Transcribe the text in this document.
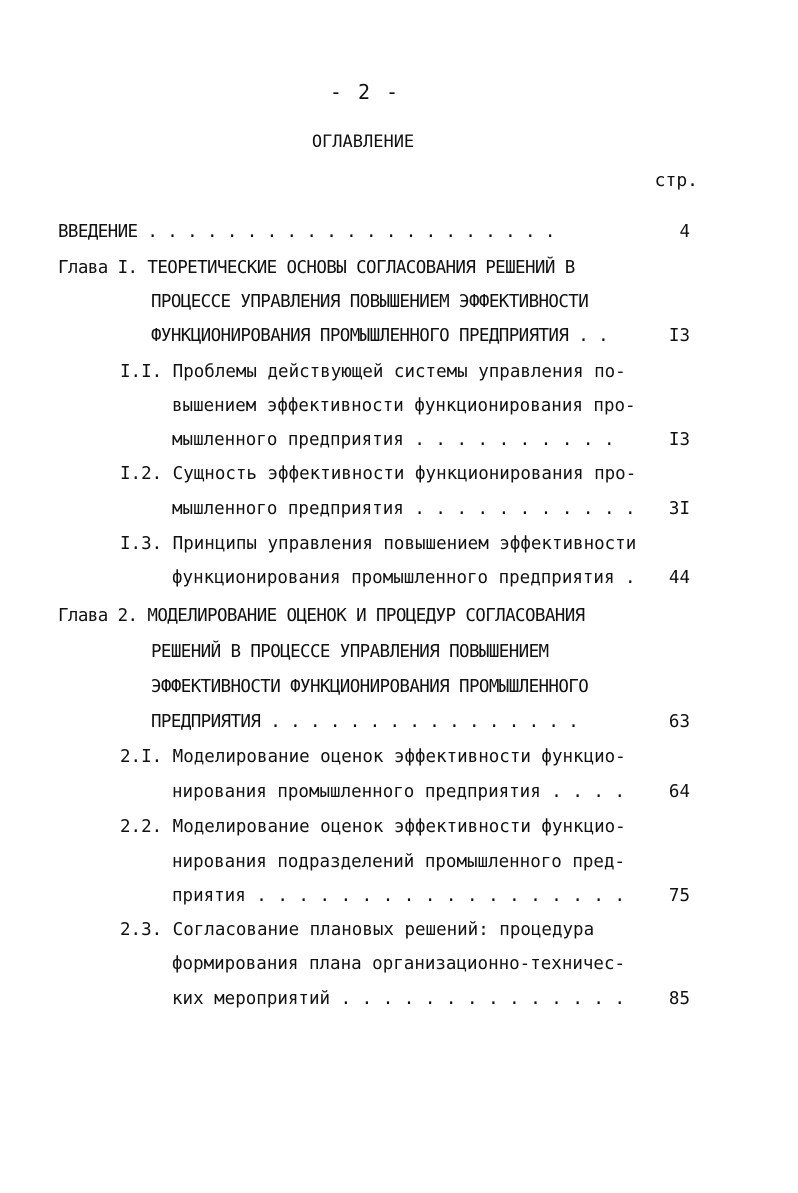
- 2 -
ОГЛАВЛЕНИЕ
стр.
ВВЕДЕНИЕ . . . . . . . . . . . . . . . . . . . . .	4
Глава I. ТЕОРЕТИЧЕСКИЕ ОСНОВЫ СОГЛАСОВАНИЯ РЕШЕНИЙ В
ПРОЦЕССЕ УПРАВЛЕНИЯ ПОВЫШЕНИЕМ ЭФФЕКТИВНОСТИ
ФУНКЦИОНИРОВАНИЯ ПРОМЫШЛЕННОГО ПРЕДПРИЯТИЯ . .	I3
I.I. Проблемы действующей системы управления по-
вышением эффективности функционирования про-
мышленного предприятия . . . . . . . . . .	I3
I.2. Сущность эффективности функционирования про-
мышленного предприятия . . . . . . . . . . . 3I
I.3. Принципы управления повышением эффективности
функционирования промышленного предприятия . 44
Глава 2. МОДЕЛИРОВАНИЕ ОЦЕНОК И ПРОЦЕДУР СОГЛАСОВАНИЯ
РЕШЕНИЙ В ПРОЦЕССЕ УПРАВЛЕНИЯ ПОВЫШЕНИЕМ
ЭФФЕКТИВНОСТИ ФУНКЦИОНИРОВАНИЯ ПРОМЫШЛЕННОГО
ПРЕДПРИЯТИЯ . . . . . . . . . . . . . . . .	63
2.I. Моделирование оценок эффективности функцио-
нирования промышленного предприятия . . . .	64
2.2. Моделирование оценок эффективности функцио-
нирования подразделений промышленного пред-
приятия . . . . . . . . . . . . . . . . . .	75
2.3. Согласование плановых решений: процедура
формирования плана организационно-техничес-
ких мероприятий . . . . . . . . . . . . . .	85
